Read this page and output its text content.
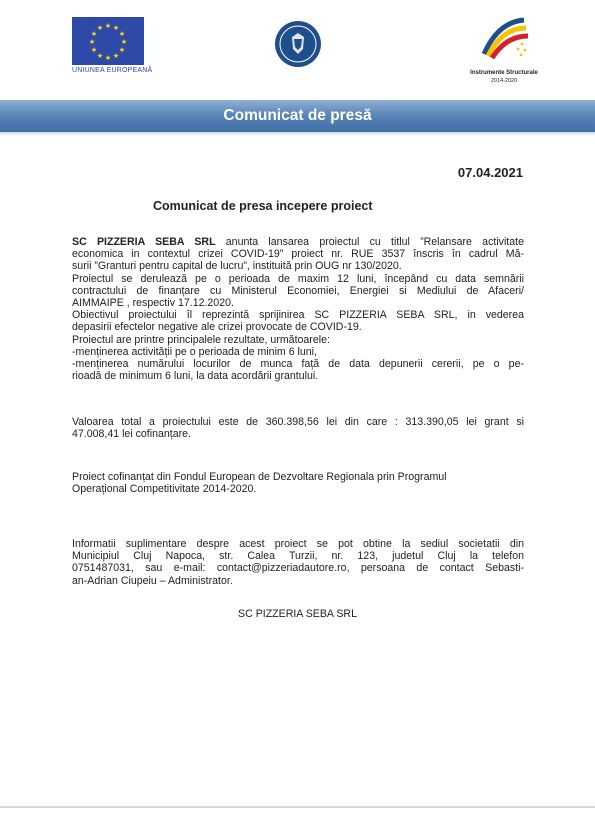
★ ★
★
★
★
★
★
★
★
★
★
★
UNIUNEA EUROPEANĂ	Instrumente Structurale
2014-2020
Comunicat de presă
07.04.2021
Comunicat de presa incepere proiect
SC PIZZERIA SEBA SRL anunta lansarea proiectul cu titlul ”Relansare activitate
economica in contextul crizei COVID-19” proiect nr. RUE 3537 înscris în cadrul Mă-
surii ”Granturi pentru capital de lucru”, instituită prin OUG nr 130/2020.
Proiectul se derulează pe o perioada de maxim 12 luni, începând cu data semnării
contractului de finanțare cu Ministerul Economiei, Energiei si Mediului de Afaceri/
AIMMAIPE , respectiv 17.12.2020.
Obiectivul proiectului îl reprezintă sprijinirea SC PIZZERIA SEBA SRL, in vederea
depasirii efectelor negative ale crizei provocate de COVID-19.
Proiectul are printre principalele rezultate, următoarele:
-menținerea activității pe o perioada de minim 6 luni,
-menținerea numărului locurilor de munca față de data depunerii cererii, pe o pe-
rioadă de minimum 6 luni, la data acordării grantului.
Valoarea total a proiectului este de 360.398,56 lei din care : 313.390,05 lei grant si
47.008,41 lei cofinanțare.
Proiect cofinanțat din Fondul European de Dezvoltare Regionala prin Programul
Operațional Competitivitate 2014-2020.
Informatii suplimentare despre acest proiect se pot obtine la sediul societatii din
Municipiul Cluj Napoca, str. Calea Turzii, nr. 123, judetul Cluj la telefon
0751487031, sau e-mail: contact@pizzeriadautore.ro, persoana de contact Sebasti-
an-Adrian Ciupeiu – Administrator.
SC PIZZERIA SEBA SRL
